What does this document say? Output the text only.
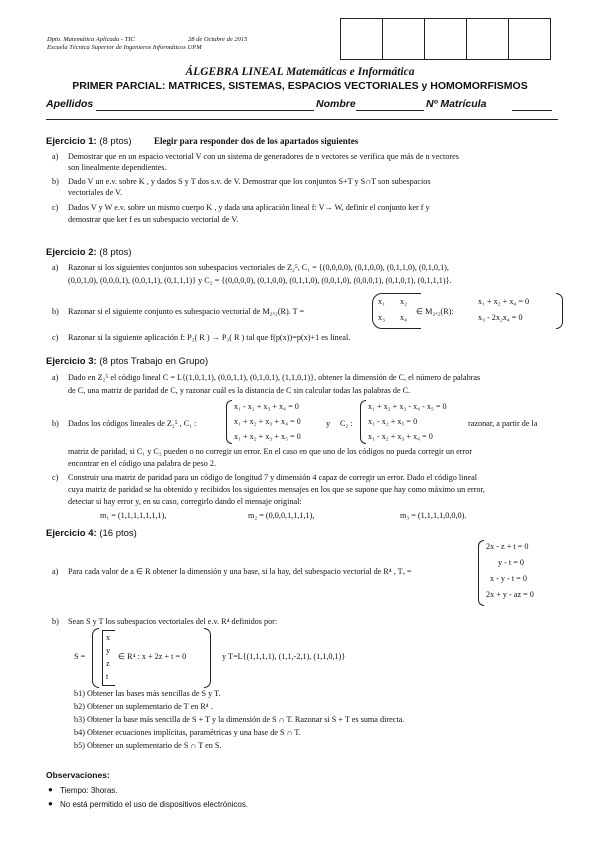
Dpto. Matemática Aplicada - TIC	28 de Octubre de 2015
Escuela Técnica Superior de Ingenieros Informáticos UPM
ÁLGEBRA LINEAL Matemáticas e Informática
PRIMER PARCIAL: MATRICES, SISTEMAS, ESPACIOS VECTORIALES y HOMOMORFISMOS
Apellidos	Nombre	Nº Matrícula
Ejercicio 1: (8 ptos) Elegir para responder dos de los apartados siguientes
a) Demostrar que en un espacio vectorial V con un sistema de generadores de n vectores se verifica que más de n vectores
son linealmente dependientes.
b) Dado V un e.v. sobre K , y dados S y T dos s.v. de V. Demostrar que los conjuntos S+T y S∩T son subespacios
vectoriales de V.
c) Dados V y W e.v. sobre un mismo cuerpo K , y dada una aplicación lineal f: V→ W, definir el conjunto ker f y
demostrar que ker f es un subespacio vectorial de V.
Ejercicio 2: (8 ptos)
a) Razonar si los siguientes conjuntos son subespacios vectoriales de Z₂⁵, C₁ = {(0,0,0,0), (0,1,0,0), (0,1,1,0), (0,1,0,1),
(0,0,1,0), (0,0,0,1), (0,0,1,1), (0,1,1,1)} y C₂ = {(0,0,0,0), (0,1,0,0), (0,1,1,0), (0,0,1,0), (0,0,0,1), (0,1,0,1), (0,1,1,1)}.
b) Razonar si el siguiente conjunto es subespacio vectorial de M₂ₓ₂(R). T =
x₁ x₂
x₃ x₄
∈ M₂ₓ₂(R):
x₁ + x₂ + x₄ = 0
x₃ - 2x₂x₄ = 0
c) Razonar si la siguiente aplicación f: P₂( R ) → P₃( R ) tal que f(p(x))=p(x)+1 es lineal.
Ejercicio 3: (8 ptos Trabajo en Grupo)
a) Dado en Z₂⁵ el código lineal C = L{(1,0,1,1), (0,0,1,1), (0,1,0,1), (1,1,0,1)}, obtener la dimensión de C, el número de palabras
de C, una matriz de paridad de C, y razonar cuál es la distancia de C sin calcular todas las palabras de C.
b) Dados los códigos lineales de Z₂⁵ , C₁ :
x₁ - x₂ + x₃ + x₄ = 0
x₁ + x₂ + x₃ + x₄ = 0
x₁ + x₂ + x₃ + x₅ = 0
y C₂ :
x₁ + x₂ + x₃ - x₄ - x₅ = 0
x₁ - x₂ + x₅ = 0
x₁ - x₂ + x₃ + x₄ = 0
razonar, a partir de la
matriz de paridad, si C₁ y C₂ pueden o no corregir un error. En el caso en que uno de los códigos no pueda corregir un error
encontrar en el código una palabra de peso 2.
c) Construir una matriz de paridad para un código de longitud 7 y dimensión 4 capaz de corregir un error. Dado el código lineal
cuya matriz de paridad se ha obtenido y recibidos los siguientes mensajes en los que se supone que hay como máximo un error,
detectar si hay error y, en su caso, corregirlo dando el mensaje original:
m₁ = (1,1,1,1,1,1,1),	m₂ = (0,0,0,1,1,1,1),	m₃ = (1,1,1,1,0,0,0).
Ejercicio 4: (16 ptos)
2x - z + t = 0
y - t = 0
x - y - t = 0
2x + y - az = 0
a) Para cada valor de a ∈ R obtener la dimensión y una base, si la hay, del subespacio vectorial de R⁴ , Tₐ =
b) Sean S y T los subespacios vectoriales del e.v. R⁴ definidos por:
S =
x
y
z
t
∈ R⁴ : x + 2z + t = 0	y T=L{(1,1,1,1), (1,1,-2,1), (1,1,0,1)}
b1) Obtener las bases más sencillas de S y T.
b2) Obtener un suplementario de T en R⁴ .
b3) Obtener la base más sencilla de S + T y la dimensión de S ∩ T. Razonar si S + T es suma directa.
b4) Obtener ecuaciones implícitas, paramétricas y una base de S ∩ T.
b5) Obtener un suplementario de S ∩ T en S.
Observaciones:
● Tiempo: 3horas.
● No está permitido el uso de dispositivos electrónicos.
